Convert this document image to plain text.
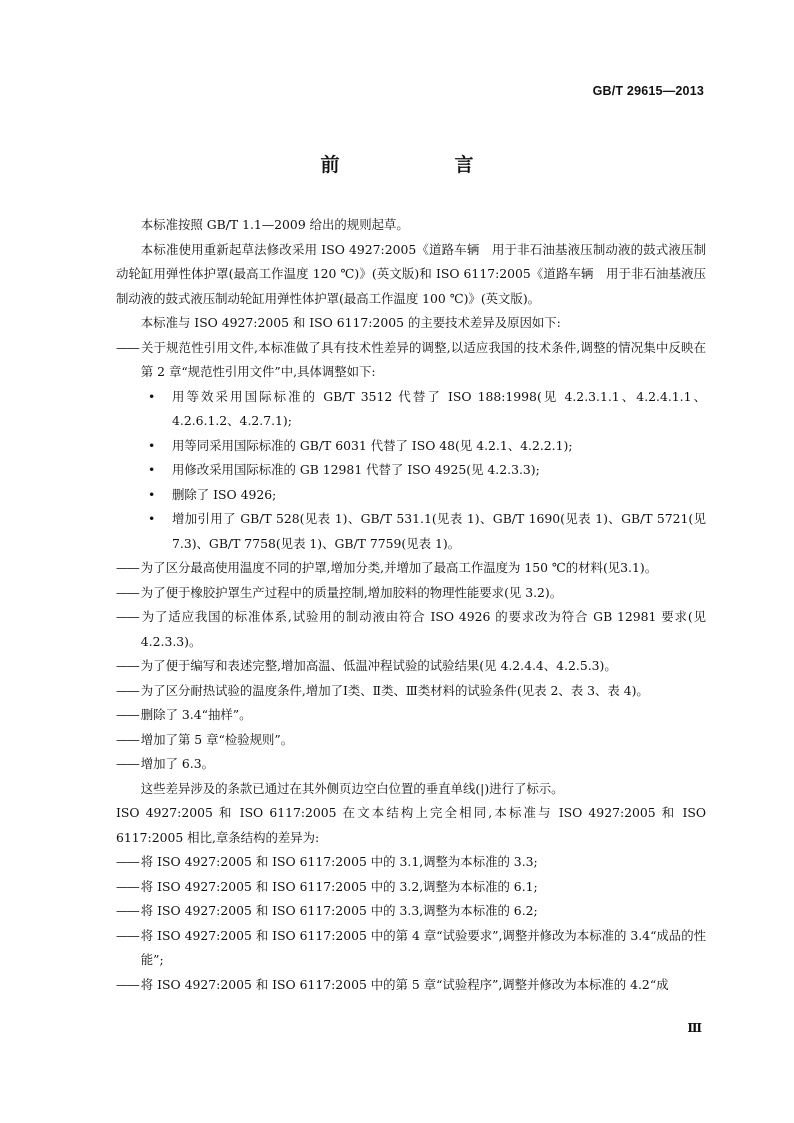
GB/T 29615—2013
前　言
本标准按照 GB/T 1.1—2009 给出的规则起草。
本标准使用重新起草法修改采用 ISO 4927:2005《道路车辆　用于非石油基液压制动液的鼓式液压制动轮缸用弹性体护罩(最高工作温度 120 ℃)》(英文版)和 ISO 6117:2005《道路车辆　用于非石油基液压制动液的鼓式液压制动轮缸用弹性体护罩(最高工作温度 100 ℃)》(英文版)。
本标准与 ISO 4927:2005 和 ISO 6117:2005 的主要技术差异及原因如下:
—— 关于规范性引用文件,本标准做了具有技术性差异的调整,以适应我国的技术条件,调整的情况集中反映在第 2 章“规范性引用文件”中,具体调整如下:
• 用等效采用国际标准的 GB/T 3512 代替了 ISO 188:1998(见 4.2.3.1.1、4.2.4.1.1、4.2.6.1.2、4.2.7.1);
• 用等同采用国际标准的 GB/T 6031 代替了 ISO 48(见 4.2.1、4.2.2.1);
• 用修改采用国际标准的 GB 12981 代替了 ISO 4925(见 4.2.3.3);
• 删除了 ISO 4926;
• 增加引用了 GB/T 528(见表 1)、GB/T 531.1(见表 1)、GB/T 1690(见表 1)、GB/T 5721(见7.3)、GB/T 7758(见表 1)、GB/T 7759(见表 1)。
—— 为了区分最高使用温度不同的护罩,增加分类,并增加了最高工作温度为 150 ℃的材料(见3.1)。
—— 为了便于橡胶护罩生产过程中的质量控制,增加胶料的物理性能要求(见 3.2)。
—— 为了适应我国的标准体系,试验用的制动液由符合 ISO 4926 的要求改为符合 GB 12981 要求(见 4.2.3.3)。
—— 为了便于编写和表述完整,增加高温、低温冲程试验的试验结果(见 4.2.4.4、4.2.5.3)。
—— 为了区分耐热试验的温度条件,增加了Ⅰ类、Ⅱ类、Ⅲ类材料的试验条件(见表 2、表 3、表 4)。
—— 删除了 3.4“抽样”。
—— 增加了第 5 章“检验规则”。
—— 增加了 6.3。
这些差异涉及的条款已通过在其外侧页边空白位置的垂直单线(|)进行了标示。
ISO 4927:2005 和 ISO 6117:2005 在文本结构上完全相同,本标准与 ISO 4927:2005 和 ISO 6117:2005 相比,章条结构的差异为:
—— 将 ISO 4927:2005 和 ISO 6117:2005 中的 3.1,调整为本标准的 3.3;
—— 将 ISO 4927:2005 和 ISO 6117:2005 中的 3.2,调整为本标准的 6.1;
—— 将 ISO 4927:2005 和 ISO 6117:2005 中的 3.3,调整为本标准的 6.2;
—— 将 ISO 4927:2005 和 ISO 6117:2005 中的第 4 章“试验要求”,调整并修改为本标准的 3.4“成品的性能”;
—— 将 ISO 4927:2005 和 ISO 6117:2005 中的第 5 章“试验程序”,调整并修改为本标准的 4.2“成
Ⅲ
